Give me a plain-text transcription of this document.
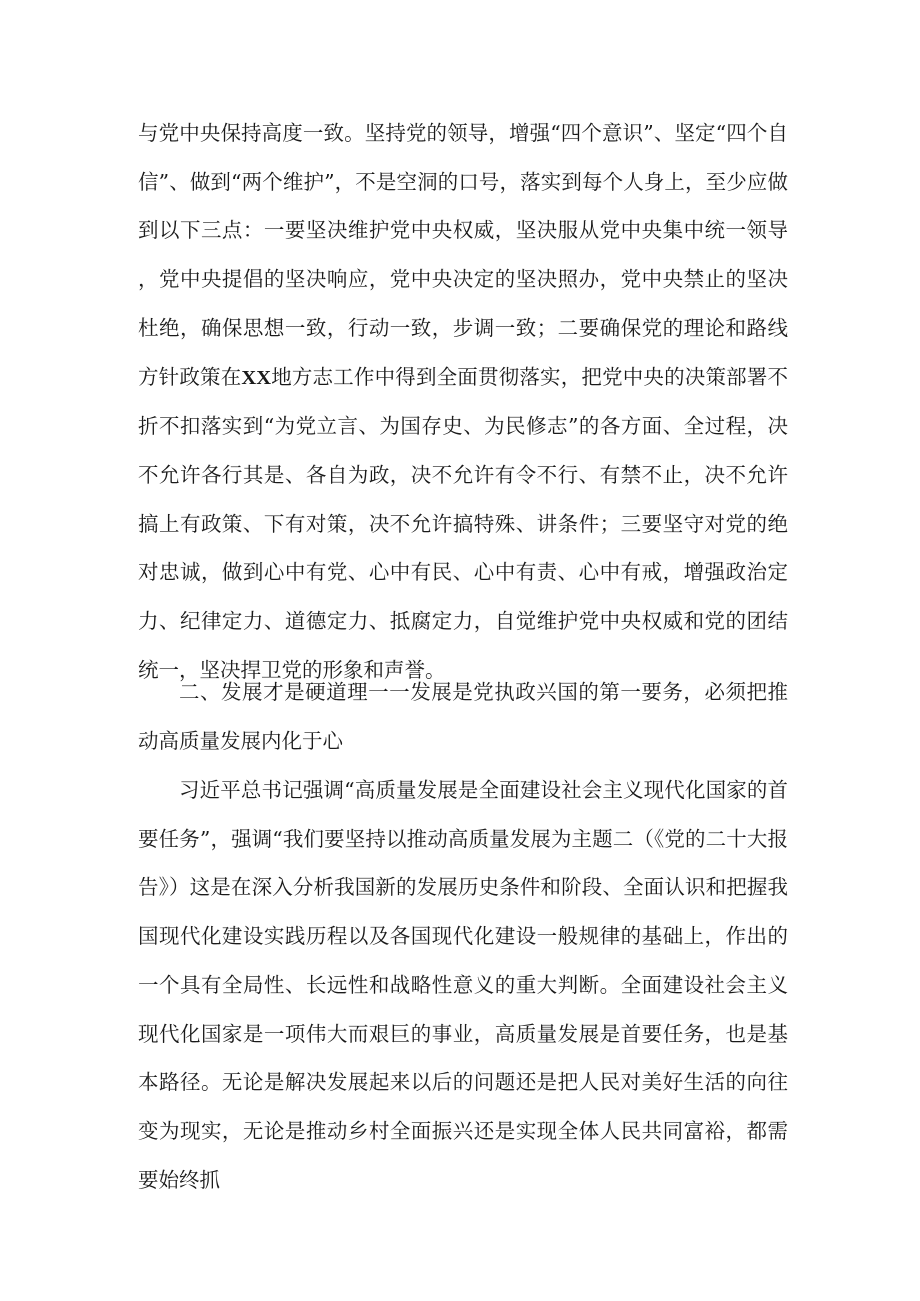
与党中央保持高度一致。坚持党的领导，增强“四个意识”、坚定“四个自信”、做到“两个维护”，不是空洞的口号，落实到每个人身上，至少应做到以下三点：一要坚决维护党中央权威，坚决服从党中央集中统一领导，党中央提倡的坚决响应，党中央决定的坚决照办，党中央禁止的坚决杜绝，确保思想一致，行动一致，步调一致；二要确保党的理论和路线方针政策在XX地方志工作中得到全面贯彻落实，把党中央的决策部署不折不扣落实到“为党立言、为国存史、为民修志”的各方面、全过程，决不允许各行其是、各自为政，决不允许有令不行、有禁不止，决不允许搞上有政策、下有对策，决不允许搞特殊、讲条件；三要坚守对党的绝对忠诚，做到心中有党、心中有民、心中有责、心中有戒，增强政治定力、纪律定力、道德定力、抵腐定力，自觉维护党中央权威和党的团结统一，坚决捍卫党的形象和声誉。

二、发展才是硬道理一一发展是党执政兴国的第一要务，必须把推动高质量发展内化于心

习近平总书记强调“高质量发展是全面建设社会主义现代化国家的首要任务”，强调“我们要坚持以推动高质量发展为主题二（《党的二十大报告》）这是在深入分析我国新的发展历史条件和阶段、全面认识和把握我国现代化建设实践历程以及各国现代化建设一般规律的基础上，作出的一个具有全局性、长远性和战略性意义的重大判断。全面建设社会主义现代化国家是一项伟大而艰巨的事业，高质量发展是首要任务，也是基本路径。无论是解决发展起来以后的问题还是把人民对美好生活的向往变为现实，无论是推动乡村全面振兴还是实现全体人民共同富裕，都需要始终抓
